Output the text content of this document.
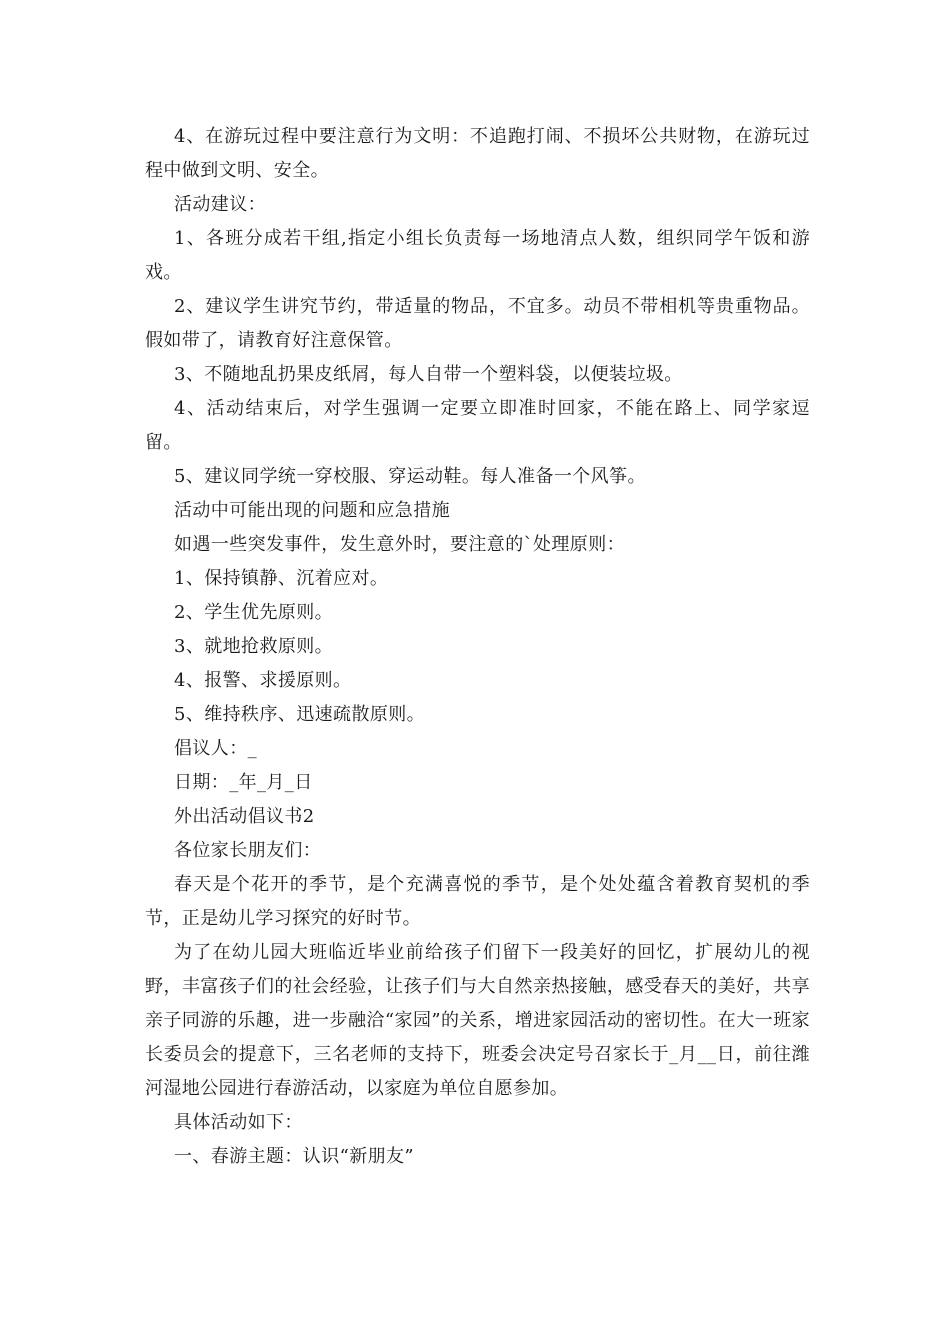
4、在游玩过程中要注意行为文明：不追跑打闹、不损坏公共财物，在游玩过程中做到文明、安全。

活动建议：

1、各班分成若干组,指定小组长负责每一场地清点人数，组织同学午饭和游戏。

2、建议学生讲究节约，带适量的物品，不宜多。动员不带相机等贵重物品。假如带了，请教育好注意保管。

3、不随地乱扔果皮纸屑，每人自带一个塑料袋，以便装垃圾。

4、活动结束后，对学生强调一定要立即准时回家，不能在路上、同学家逗留。

5、建议同学统一穿校服、穿运动鞋。每人准备一个风筝。

活动中可能出现的问题和应急措施

如遇一些突发事件，发生意外时，要注意的`处理原则：

1、保持镇静、沉着应对。

2、学生优先原则。

3、就地抢救原则。

4、报警、求援原则。

5、维持秩序、迅速疏散原则。

倡议人：_

日期：_年_月_日

外出活动倡议书2

各位家长朋友们：

春天是个花开的季节，是个充满喜悦的季节，是个处处蕴含着教育契机的季节，正是幼儿学习探究的好时节。

为了在幼儿园大班临近毕业前给孩子们留下一段美好的回忆，扩展幼儿的视野，丰富孩子们的社会经验，让孩子们与大自然亲热接触，感受春天的美好，共享亲子同游的乐趣，进一步融洽“家园”的关系，增进家园活动的密切性。在大一班家长委员会的提意下，三名老师的支持下，班委会决定号召家长于_月__日，前往潍河湿地公园进行春游活动，以家庭为单位自愿参加。

具体活动如下：

一、春游主题：认识“新朋友”
